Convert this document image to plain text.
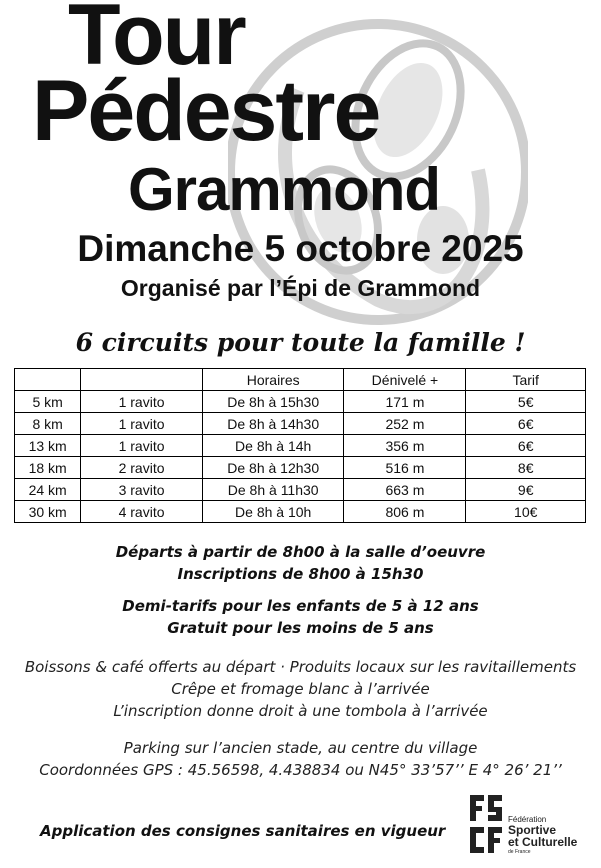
Tour
Pédestre
Grammond
Dimanche 5 octobre 2025
Organisé par l’Épi de Grammond
6 circuits pour toute la famille !
		Horaires	Dénivelé +	Tarif
5 km	1 ravito	De 8h à 15h30	171 m	5€
8 km	1 ravito	De 8h à 14h30	252 m	6€
13 km	1 ravito	De 8h à 14h	356 m	6€
18 km	2 ravito	De 8h à 12h30	516 m	8€
24 km	3 ravito	De 8h à 11h30	663 m	9€
30 km	4 ravito	De 8h à 10h	806 m	10€
Départs à partir de 8h00 à la salle d’oeuvre
Inscriptions de 8h00 à 15h30
Demi-tarifs pour les enfants de 5 à 12 ans
Gratuit pour les moins de 5 ans
Boissons & café offerts au départ · Produits locaux sur les ravitaillements
Crêpe et fromage blanc à l’arrivée
L’inscription donne droit à une tombola à l’arrivée
Parking sur l’ancien stade, au centre du village
Coordonnées GPS : 45.56598, 4.438834 ou N45° 33’57’’ E 4° 26’ 21’’
Application des consignes sanitaires en vigueur
Fédération
Sportive
et Culturelle
de France
